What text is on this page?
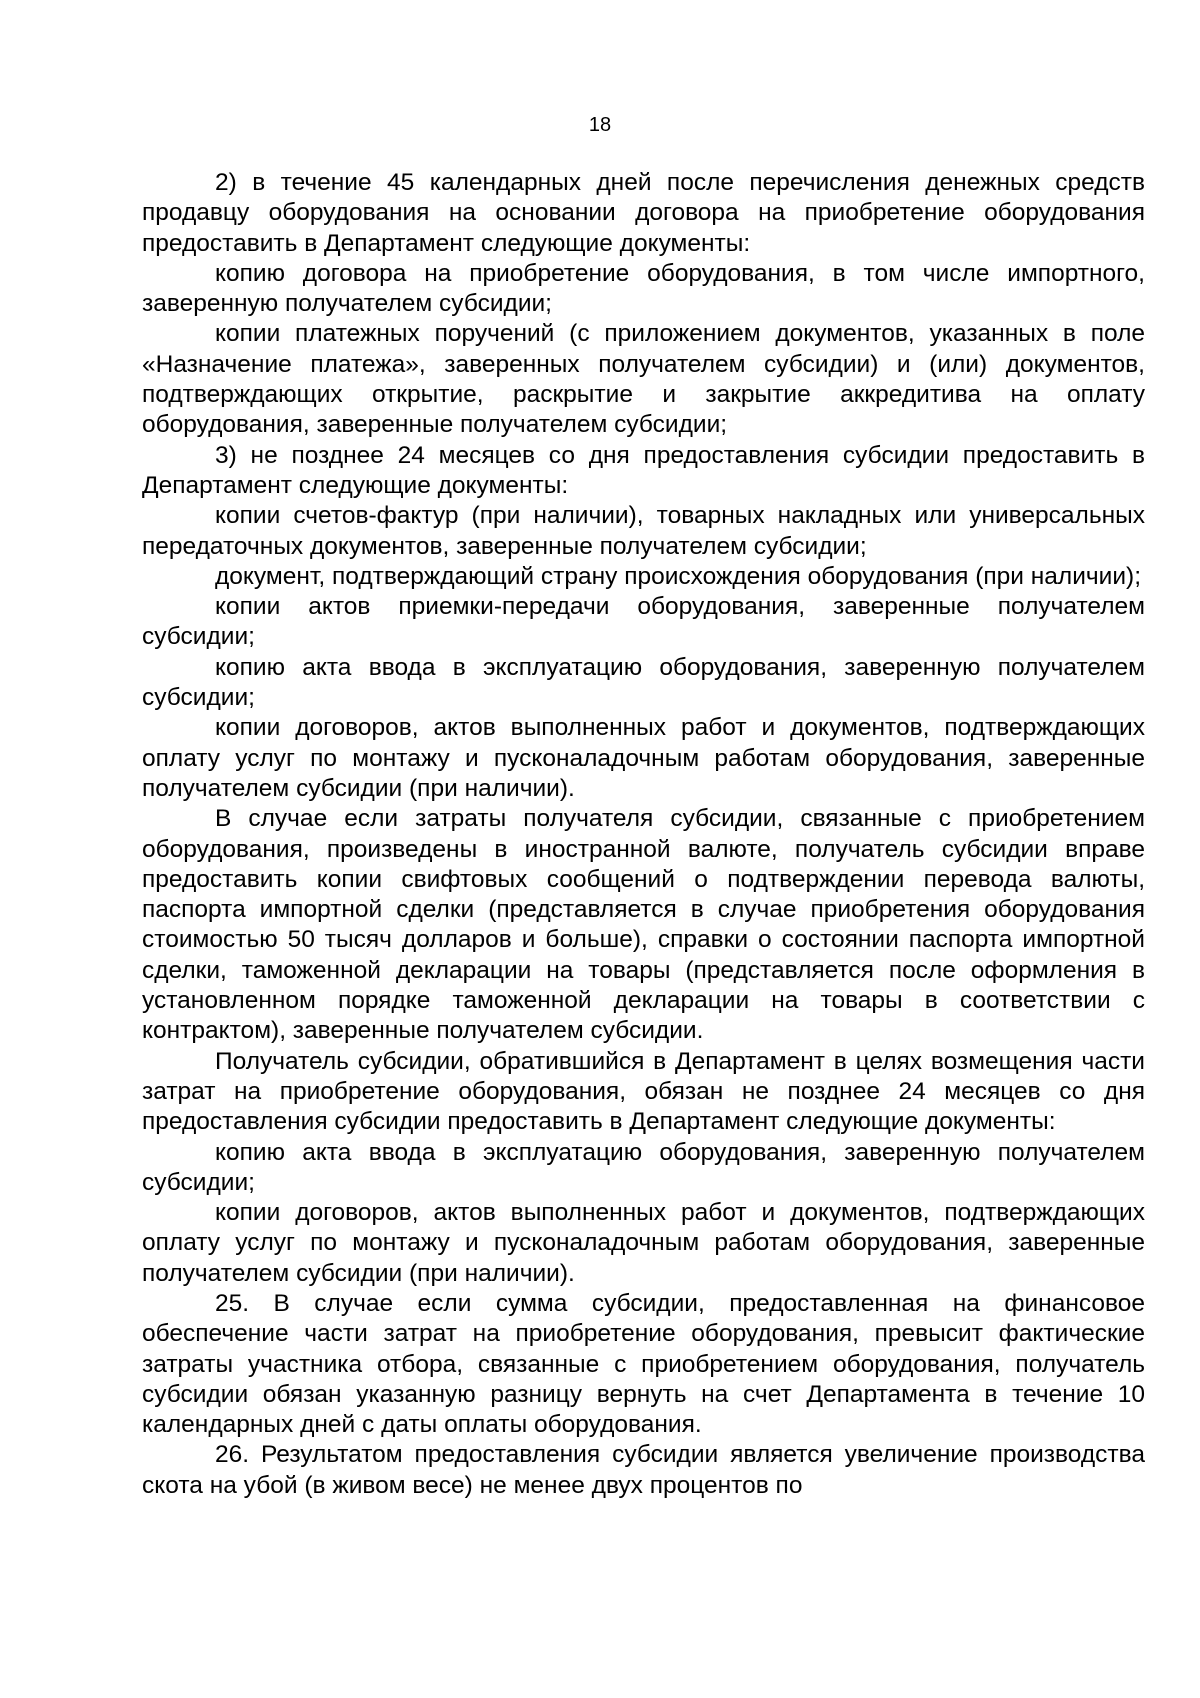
18

2) в течение 45 календарных дней после перечисления денежных средств продавцу оборудования на основании договора на приобретение оборудования предоставить в Департамент следующие документы:

копию договора на приобретение оборудования, в том числе импортного, заверенную получателем субсидии;

копии платежных поручений (с приложением документов, указанных в поле «Назначение платежа», заверенных получателем субсидии) и (или) документов, подтверждающих открытие, раскрытие и закрытие аккредитива на оплату оборудования, заверенные получателем субсидии;

3) не позднее 24 месяцев со дня предоставления субсидии предоставить в Департамент следующие документы:

копии счетов-фактур (при наличии), товарных накладных или универсальных передаточных документов, заверенные получателем субсидии;

документ, подтверждающий страну происхождения оборудования (при наличии);

копии актов приемки-передачи оборудования, заверенные получателем субсидии;

копию акта ввода в эксплуатацию оборудования, заверенную получателем субсидии;

копии договоров, актов выполненных работ и документов, подтверждающих оплату услуг по монтажу и пусконаладочным работам оборудования, заверенные получателем субсидии (при наличии).

В случае если затраты получателя субсидии, связанные с приобретением оборудования, произведены в иностранной валюте, получатель субсидии вправе предоставить копии свифтовых сообщений о подтверждении перевода валюты, паспорта импортной сделки (представляется в случае приобретения оборудования стоимостью 50 тысяч долларов и больше), справки о состоянии паспорта импортной сделки, таможенной декларации на товары (представляется после оформления в установленном порядке таможенной декларации на товары в соответствии с контрактом), заверенные получателем субсидии.

Получатель субсидии, обратившийся в Департамент в целях возмещения части затрат на приобретение оборудования, обязан не позднее 24 месяцев со дня предоставления субсидии предоставить в Департамент следующие документы:

копию акта ввода в эксплуатацию оборудования, заверенную получателем субсидии;

копии договоров, актов выполненных работ и документов, подтверждающих оплату услуг по монтажу и пусконаладочным работам оборудования, заверенные получателем субсидии (при наличии).

25. В случае если сумма субсидии, предоставленная на финансовое обеспечение части затрат на приобретение оборудования, превысит фактические затраты участника отбора, связанные с приобретением оборудования, получатель субсидии обязан указанную разницу вернуть на счет Департамента в течение 10 календарных дней с даты оплаты оборудования.

26. Результатом предоставления субсидии является увеличение производства скота на убой (в живом весе) не менее двух процентов по
